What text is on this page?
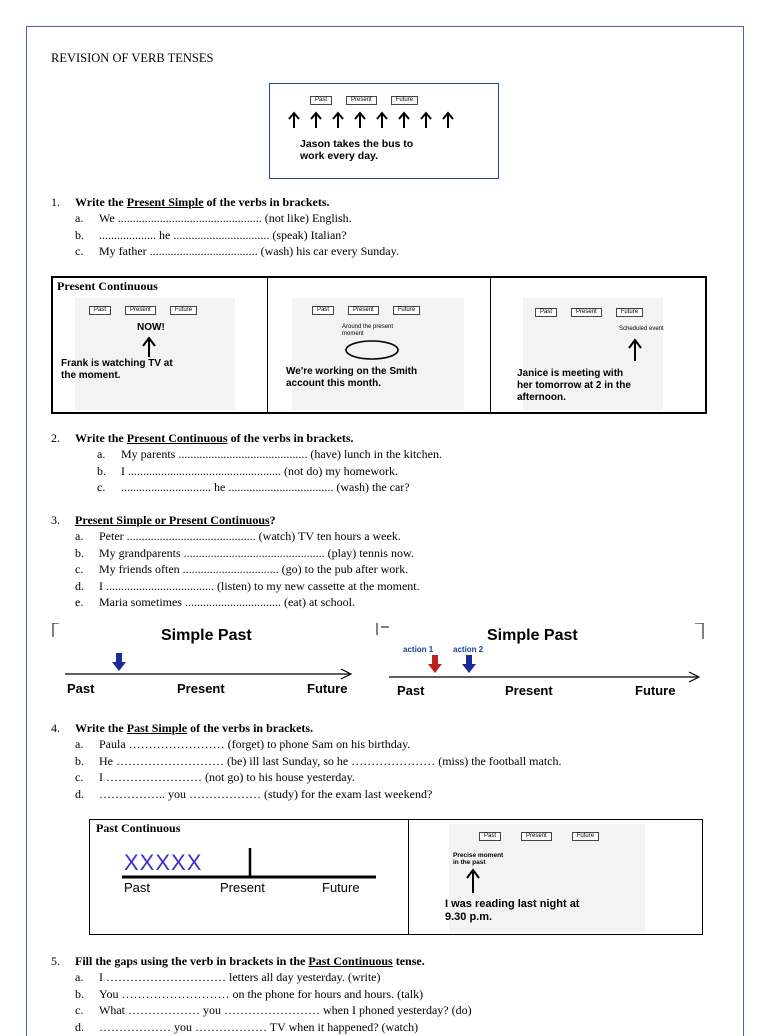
REVISION OF VERB TENSES
Past	Present	Future
Jason takes the bus to
work every day.
1. Write the Present Simple of the verbs in brackets.
a. We ................................................ (not like) English.
b. ................... he ................................ (speak) Italian?
c. My father .................................... (wash) his car every Sunday.
Present Continuous
Past	Present	Future
NOW!
Frank is watching TV at
the moment.
Past	Present	Future
Around the present
moment
We're working on the Smith
account this month.
Past	Present	Future
Scheduled event
Janice is meeting with
her tomorrow at 2 in the
afternoon.
2. Write the Present Continuous of the verbs in brackets.
a. My parents ........................................... (have) lunch in the kitchen.
b. I ................................................... (not do) my homework.
c. .............................. he ................................... (wash) the car?
3. Present Simple or Present Continuous?
a. Peter ........................................... (watch) TV ten hours a week.
b. My grandparents ............................................... (play) tennis now.
c. My friends often ................................ (go) to the pub after work.
d. I .................................... (listen) to my new cassette at the moment.
e. Maria sometimes ................................ (eat) at school.
Simple Past
Past	Present	Future
Simple Past
action 1 action 2
Past	Present	Future
4. Write the Past Simple of the verbs in brackets.
a. Paula …………………… (forget) to phone Sam on his birthday.
b. He ……………………… (be) ill last Sunday, so he ………………… (miss) the football match.
c. I …………………… (not go) to his house yesterday.
d. …………….. you ……………… (study) for the exam last weekend?
Past Continuous
XXXXX
Past	Present	Future
Past	Present	Future
Precise moment
in the past
I was reading last night at
9.30 p.m.
5. Fill the gaps using the verb in brackets in the Past Continuous tense.
a. I ………………………… letters all day yesterday. (write)
b. You ……………………… on the phone for hours and hours. (talk)
c. What ……………… you …………………… when I phoned yesterday? (do)
d. ……………… you ……………… TV when it happened? (watch)
